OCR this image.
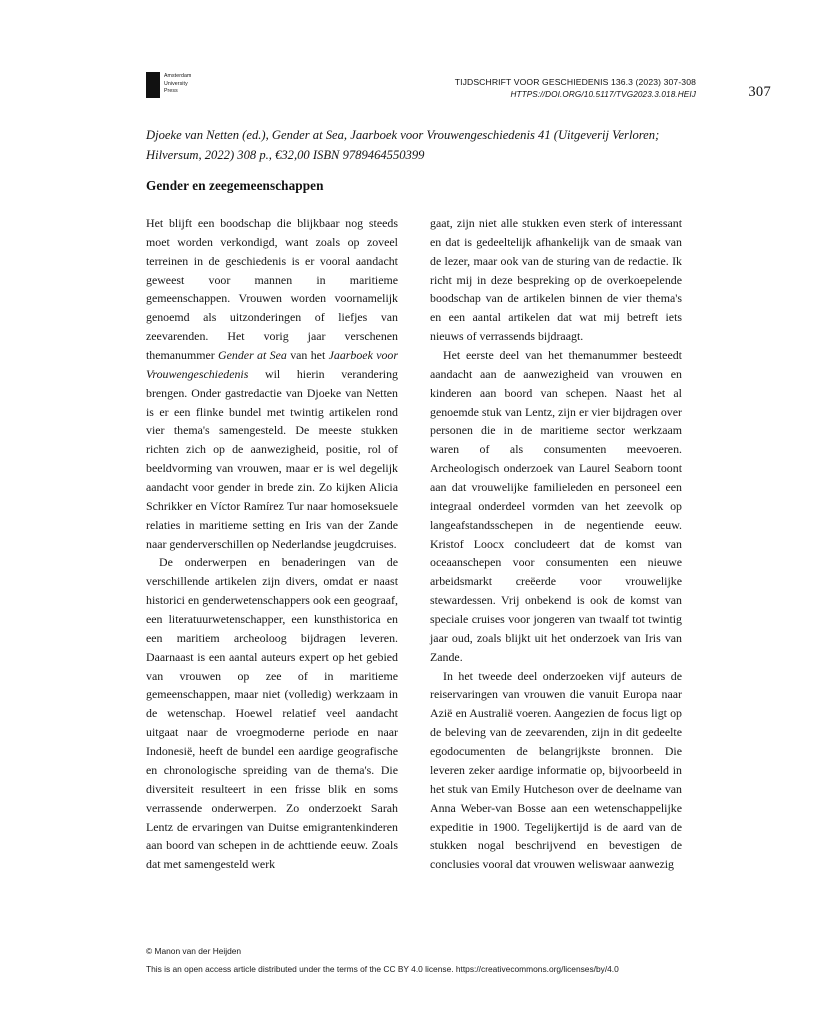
Amsterdam
University
Press
TIJDSCHRIFT VOOR GESCHIEDENIS 136.3 (2023) 307-308
HTTPS://DOI.ORG/10.5117/TVG2023.3.018.HEIJ	307
Djoeke van Netten (ed.), Gender at Sea, Jaarboek voor Vrouwengeschiedenis 41 (Uitgeverij Verloren; Hilversum, 2022) 308 p., €32,00 ISBN 9789464550399
Gender en zeegemeenschappen

Het blijft een boodschap die blijkbaar nog steeds moet worden verkondigd, want zoals op zoveel terreinen in de geschiedenis is er vooral aandacht geweest voor mannen in maritieme gemeenschappen. Vrouwen worden voornamelijk genoemd als uitzonderingen of liefjes van zeevarenden. Het vorig jaar verschenen themanummer Gender at Sea van het Jaarboek voor Vrouwengeschiedenis wil hierin verandering brengen. Onder gastredactie van Djoeke van Netten is er een flinke bundel met twintig artikelen rond vier thema's samengesteld. De meeste stukken richten zich op de aanwezigheid, positie, rol of beeldvorming van vrouwen, maar er is wel degelijk aandacht voor gender in brede zin. Zo kijken Alicia Schrikker en Víctor Ramírez Tur naar homoseksuele relaties in maritieme setting en Iris van der Zande naar genderverschillen op Nederlandse jeugdcruises.

De onderwerpen en benaderingen van de verschillende artikelen zijn divers, omdat er naast historici en genderwetenschappers ook een geograaf, een literatuurwetenschapper, een kunsthistorica en een maritiem archeoloog bijdragen leveren. Daarnaast is een aantal auteurs expert op het gebied van vrouwen op zee of in maritieme gemeenschappen, maar niet (volledig) werkzaam in de wetenschap. Hoewel relatief veel aandacht uitgaat naar de vroegmoderne periode en naar Indonesië, heeft de bundel een aardige geografische en chronologische spreiding van de thema's. Die diversiteit resulteert in een frisse blik en soms verrassende onderwerpen. Zo onderzoekt Sarah Lentz de ervaringen van Duitse emigrantenkinderen aan boord van schepen in de achttiende eeuw. Zoals dat met samengesteld werk

gaat, zijn niet alle stukken even sterk of interessant en dat is gedeeltelijk afhankelijk van de smaak van de lezer, maar ook van de sturing van de redactie. Ik richt mij in deze bespreking op de overkoepelende boodschap van de artikelen binnen de vier thema's en een aantal artikelen dat wat mij betreft iets nieuws of verrassends bijdraagt.

Het eerste deel van het themanummer besteedt aandacht aan de aanwezigheid van vrouwen en kinderen aan boord van schepen. Naast het al genoemde stuk van Lentz, zijn er vier bijdragen over personen die in de maritieme sector werkzaam waren of als consumenten meevoeren. Archeologisch onderzoek van Laurel Seaborn toont aan dat vrouwelijke familieleden en personeel een integraal onderdeel vormden van het zeevolk op langeafstandsschepen in de negentiende eeuw. Kristof Loocx concludeert dat de komst van oceaanschepen voor consumenten een nieuwe arbeidsmarkt creëerde voor vrouwelijke stewardessen. Vrij onbekend is ook de komst van speciale cruises voor jongeren van twaalf tot twintig jaar oud, zoals blijkt uit het onderzoek van Iris van Zande.

In het tweede deel onderzoeken vijf auteurs de reiservaringen van vrouwen die vanuit Europa naar Azië en Australië voeren. Aangezien de focus ligt op de beleving van de zeevarenden, zijn in dit gedeelte egodocumenten de belangrijkste bronnen. Die leveren zeker aardige informatie op, bijvoorbeeld in het stuk van Emily Hutcheson over de deelname van Anna Weber-van Bosse aan een wetenschappelijke expeditie in 1900. Tegelijkertijd is de aard van de stukken nogal beschrijvend en bevestigen de conclusies vooral dat vrouwen weliswaar aanwezig

© Manon van der Heijden
This is an open access article distributed under the terms of the CC BY 4.0 license. https://creativecommons.org/licenses/by/4.0
